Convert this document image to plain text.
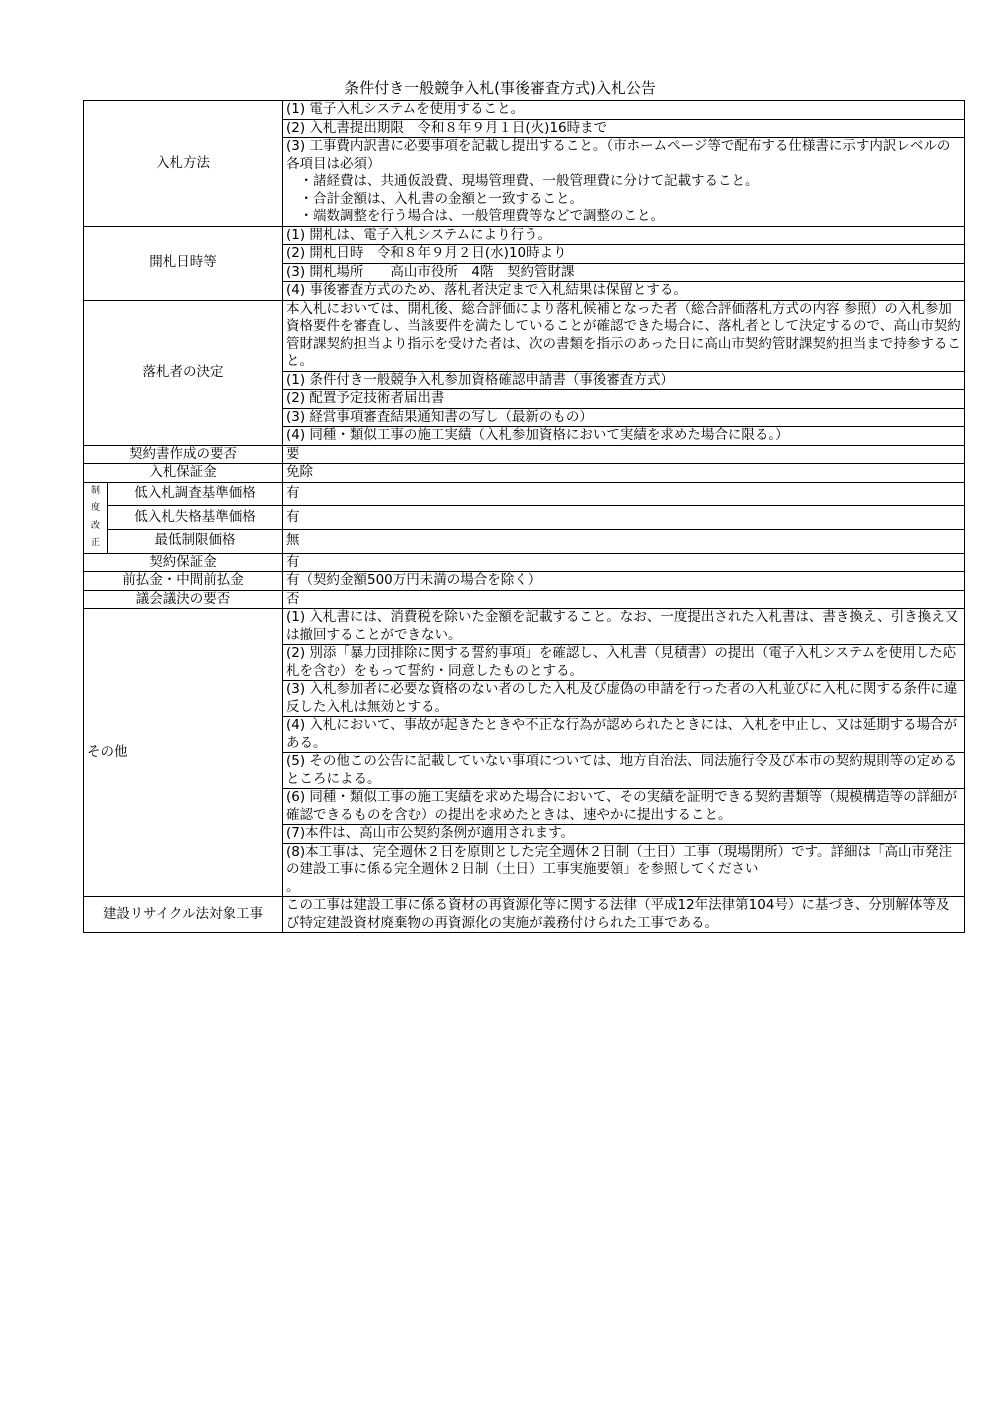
条件付き一般競争入札(事後審査方式)入札公告
入札方法		(1) 電子入札システムを使用すること。
		(2) 入札書提出期限　令和８年９月１日(火)16時まで
		(3) 工事費内訳書に必要事項を記載し提出すること。（市ホームページ等で配布する仕様書に示す内訳レベルの各項目は必須）
　・諸経費は、共通仮設費、現場管理費、一般管理費に分けて記載すること。
　・合計金額は、入札書の金額と一致すること。
　・端数調整を行う場合は、一般管理費等などで調整のこと。
開札日時等		(1) 開札は、電子入札システムにより行う。
		(2) 開札日時　令和８年９月２日(水)10時より
		(3) 開札場所　　高山市役所　4階　契約管財課
		(4) 事後審査方式のため、落札者決定まで入札結果は保留とする。
落札者の決定		本入札においては、開札後、総合評価により落札候補となった者（総合評価落札方式の内容 参照）の入札参加資格要件を審査し、当該要件を満たしていることが確認できた場合に、落札者として決定するので、高山市契約管財課契約担当より指示を受けた者は、次の書類を指示のあった日に高山市契約管財課契約担当まで持参すること。
		(1) 条件付き一般競争入札参加資格確認申請書（事後審査方式）
		(2) 配置予定技術者届出書
		(3) 経営事項審査結果通知書の写し（最新のもの）
		(4) 同種・類似工事の施工実績（入札参加資格において実績を求めた場合に限る。）
契約書作成の要否		要
入札保証金		免除
制
度
改
正	低入札調査基準価格	有
	低入札失格基準価格	有
	最低制限価格	無
契約保証金		有
前払金・中間前払金		有（契約金額500万円未満の場合を除く）
議会議決の要否		否
その他		(1) 入札書には、消費税を除いた金額を記載すること。なお、一度提出された入札書は、書き換え、引き換え又は撤回することができない。
		(2) 別添「暴力団排除に関する誓約事項」を確認し、入札書（見積書）の提出（電子入札システムを使用した応札を含む）をもって誓約・同意したものとする。
		(3) 入札参加者に必要な資格のない者のした入札及び虚偽の申請を行った者の入札並びに入札に関する条件に違反した入札は無効とする。
		(4) 入札において、事故が起きたときや不正な行為が認められたときには、入札を中止し、又は延期する場合がある。
		(5) その他この公告に記載していない事項については、地方自治法、同法施行令及び本市の契約規則等の定めるところによる。
		(6) 同種・類似工事の施工実績を求めた場合において、その実績を証明できる契約書類等（規模構造等の詳細が確認できるものを含む）の提出を求めたときは、速やかに提出すること。
		(7)本件は、高山市公契約条例が適用されます。
		(8)本工事は、完全週休２日を原則とした完全週休２日制（土日）工事（現場閉所）です。詳細は「高山市発注の建設工事に係る完全週休２日制（土日）工事実施要領」を参照してください
。
建設リサイクル法対象工事		この工事は建設工事に係る資材の再資源化等に関する法律（平成12年法律第104号）に基づき、分別解体等及び特定建設資材廃棄物の再資源化の実施が義務付けられた工事である。
